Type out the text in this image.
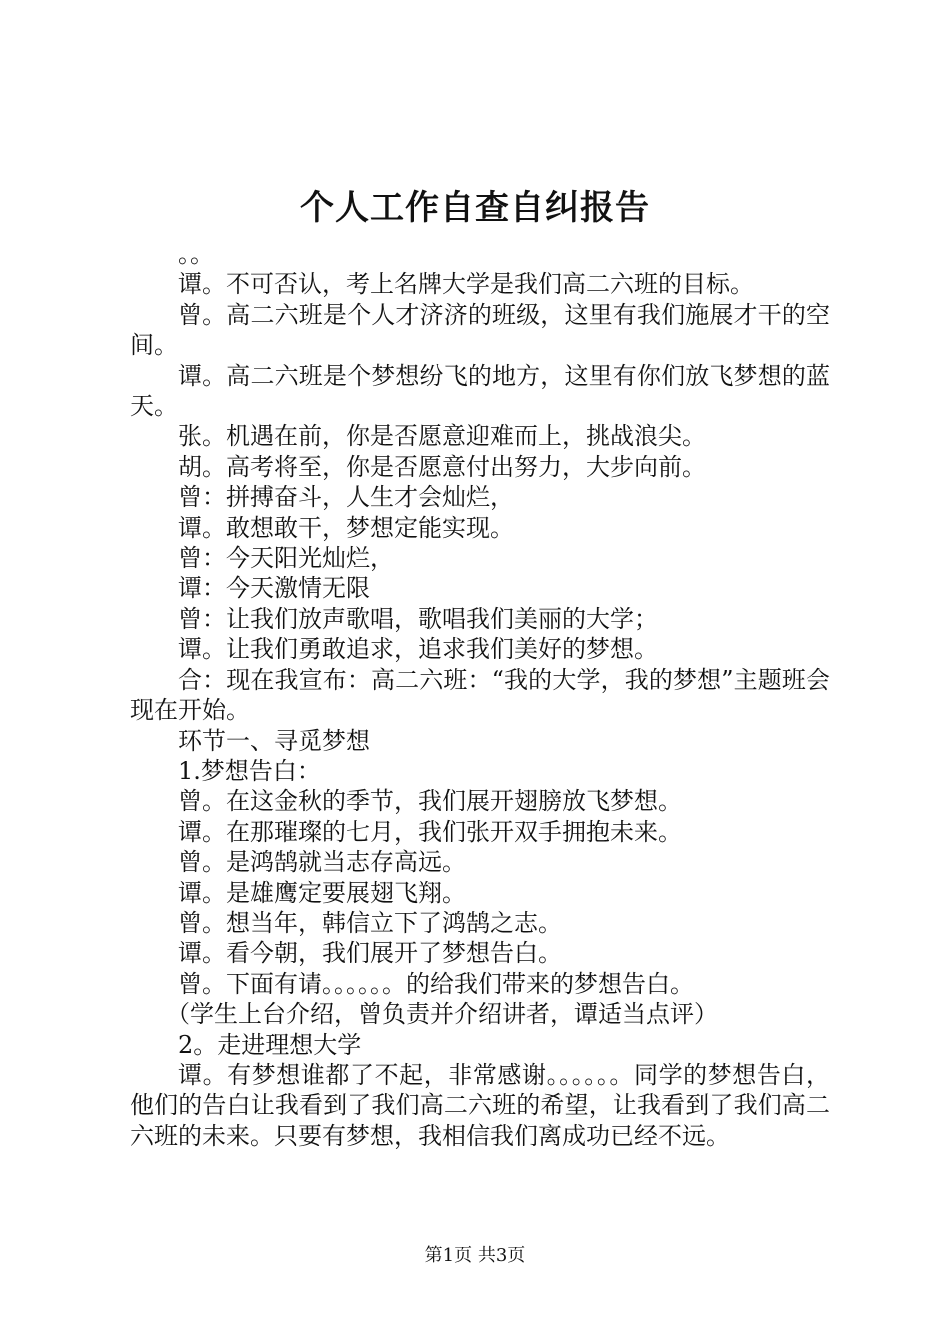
个人工作自查自纠报告

。。

谭。不可否认，考上名牌大学是我们高二六班的目标。

曾。高二六班是个人才济济的班级，这里有我们施展才干的空间。

谭。高二六班是个梦想纷飞的地方，这里有你们放飞梦想的蓝天。

张。机遇在前，你是否愿意迎难而上，挑战浪尖。

胡。高考将至，你是否愿意付出努力，大步向前。

曾：拼搏奋斗，人生才会灿烂，

谭。敢想敢干，梦想定能实现。

曾：今天阳光灿烂，

谭：今天激情无限

曾：让我们放声歌唱，歌唱我们美丽的大学；

谭。让我们勇敢追求，追求我们美好的梦想。

合：现在我宣布：高二六班：“我的大学，我的梦想”主题班会现在开始。

环节一、寻觅梦想

1.梦想告白：

曾。在这金秋的季节，我们展开翅膀放飞梦想。

谭。在那璀璨的七月，我们张开双手拥抱未来。

曾。是鸿鹄就当志存高远。

谭。是雄鹰定要展翅飞翔。

曾。想当年，韩信立下了鸿鹄之志。

谭。看今朝，我们展开了梦想告白。

曾。下面有请。。。。。。的给我们带来的梦想告白。

（学生上台介绍，曾负责并介绍讲者，谭适当点评）

2。走进理想大学

谭。有梦想谁都了不起，非常感谢。。。。。。同学的梦想告白，他们的告白让我看到了我们高二六班的希望，让我看到了我们高二六班的未来。只要有梦想，我相信我们离成功已经不远。

第1页 共3页
